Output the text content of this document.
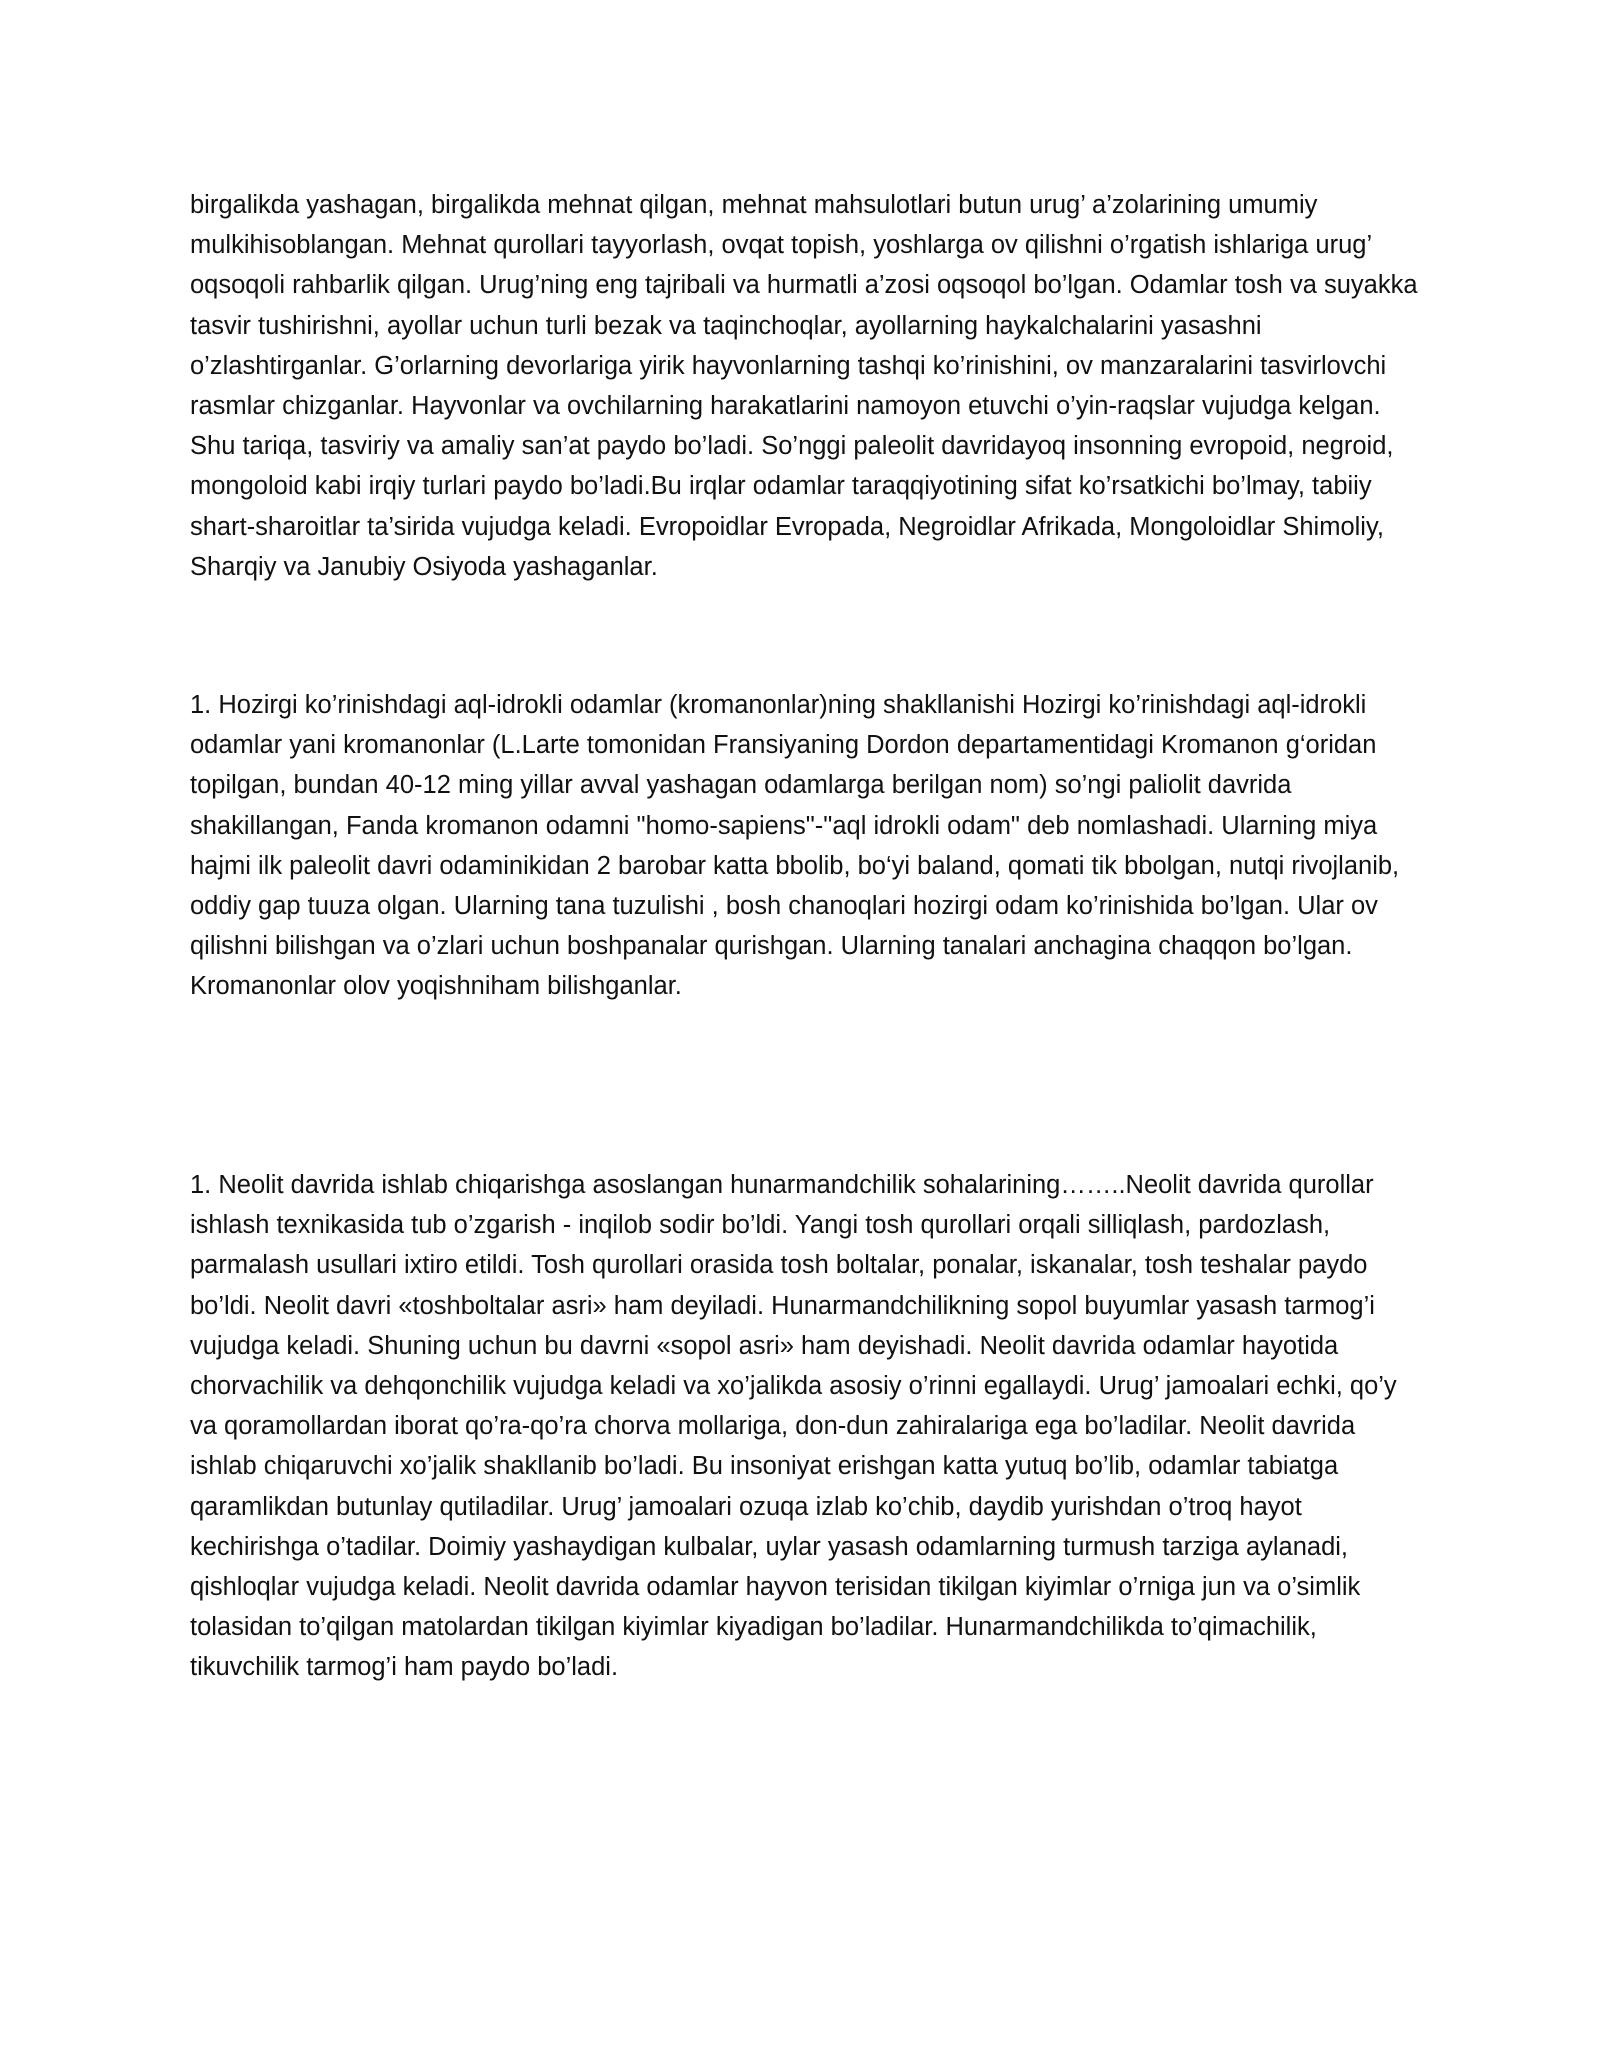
birgalikda yashagan, birgalikda mehnat qilgan, mehnat mahsulotlari butun urug’ a’zolarining umumiy mulkihisoblangan. Mehnat qurollari tayyorlash, ovqat topish, yoshlarga ov qilishni o’rgatish ishlariga urug’ oqsoqoli rahbarlik qilgan. Urug’ning eng tajribali va hurmatli a’zosi oqsoqol bo’lgan. Odamlar tosh va suyakka tasvir tushirishni, ayollar uchun turli bezak va taqinchoqlar, ayollarning haykalchalarini yasashni o’zlashtirganlar. G’orlarning devorlariga yirik hayvonlarning tashqi ko’rinishini, ov manzaralarini tasvirlovchi rasmlar chizganlar. Hayvonlar va ovchilarning harakatlarini namoyon etuvchi o’yin-raqslar vujudga kelgan. Shu tariqa, tasviriy va amaliy san’at paydo bo’ladi. So’nggi paleolit davridayoq insonning evropoid, negroid, mongoloid kabi irqiy turlari paydo bo’ladi.Bu irqlar odamlar taraqqiyotining sifat ko’rsatkichi bo’lmay, tabiiy shart-sharoitlar ta’sirida vujudga keladi. Evropoidlar Evropada, Negroidlar Afrikada, Mongoloidlar Shimoliy, Sharqiy va Janubiy Osiyoda yashaganlar.

1. Hozirgi ko’rinishdagi aql-idrokli odamlar (kromanonlar)ning shakllanishi Hozirgi ko’rinishdagi aql-idrokli odamlar yani kromanonlar (L.Larte tomonidan Fransiyaning Dordon departamentidagi Kromanon g‘oridan topilgan, bundan 40-12 ming yillar avval yashagan odamlarga berilgan nom) so’ngi paliolit davrida shakillangan, Fanda kromanon odamni "homo-sapiens"-"aql idrokli odam" deb nomlashadi. Ularning miya hajmi ilk paleolit davri odaminikidan 2 barobar katta bbolib, bo‘yi baland, qomati tik bbolgan, nutqi rivojlanib, oddiy gap tuuza olgan. Ularning tana tuzulishi , bosh chanoqlari hozirgi odam ko’rinishida bo’lgan. Ular ov qilishni bilishgan va o’zlari uchun boshpanalar qurishgan. Ularning tanalari anchagina chaqqon bo’lgan. Kromanonlar olov yoqishniham bilishganlar.

1. Neolit davrida ishlab chiqarishga asoslangan hunarmandchilik sohalarining……..Neolit davrida qurollar ishlash texnikasida tub o’zgarish - inqilob sodir bo’ldi. Yangi tosh qurollari orqali silliqlash, pardozlash, parmalash usullari ixtiro etildi. Tosh qurollari orasida tosh boltalar, ponalar, iskanalar, tosh teshalar paydo bo’ldi. Neolit davri «toshboltalar asri» ham deyiladi. Hunarmandchilikning sopol buyumlar yasash tarmog’i vujudga keladi. Shuning uchun bu davrni «sopol asri» ham deyishadi. Neolit davrida odamlar hayotida chorvachilik va dehqonchilik vujudga keladi va xo’jalikda asosiy o’rinni egallaydi. Urug’ jamoalari echki, qo’y va qoramollardan iborat qo’ra-qo’ra chorva mollariga, don-dun zahiralariga ega bo’ladilar. Neolit davrida ishlab chiqaruvchi xo’jalik shakllanib bo’ladi. Bu insoniyat erishgan katta yutuq bo’lib, odamlar tabiatga qaramlikdan butunlay qutiladilar. Urug’ jamoalari ozuqa izlab ko’chib, daydib yurishdan o’troq hayot kechirishga o’tadilar. Doimiy yashaydigan kulbalar, uylar yasash odamlarning turmush tarziga aylanadi, qishloqlar vujudga keladi. Neolit davrida odamlar hayvon terisidan tikilgan kiyimlar o’rniga jun va o’simlik tolasidan to’qilgan matolardan tikilgan kiyimlar kiyadigan bo’ladilar. Hunarmandchilikda to’qimachilik, tikuvchilik tarmog’i ham paydo bo’ladi.
